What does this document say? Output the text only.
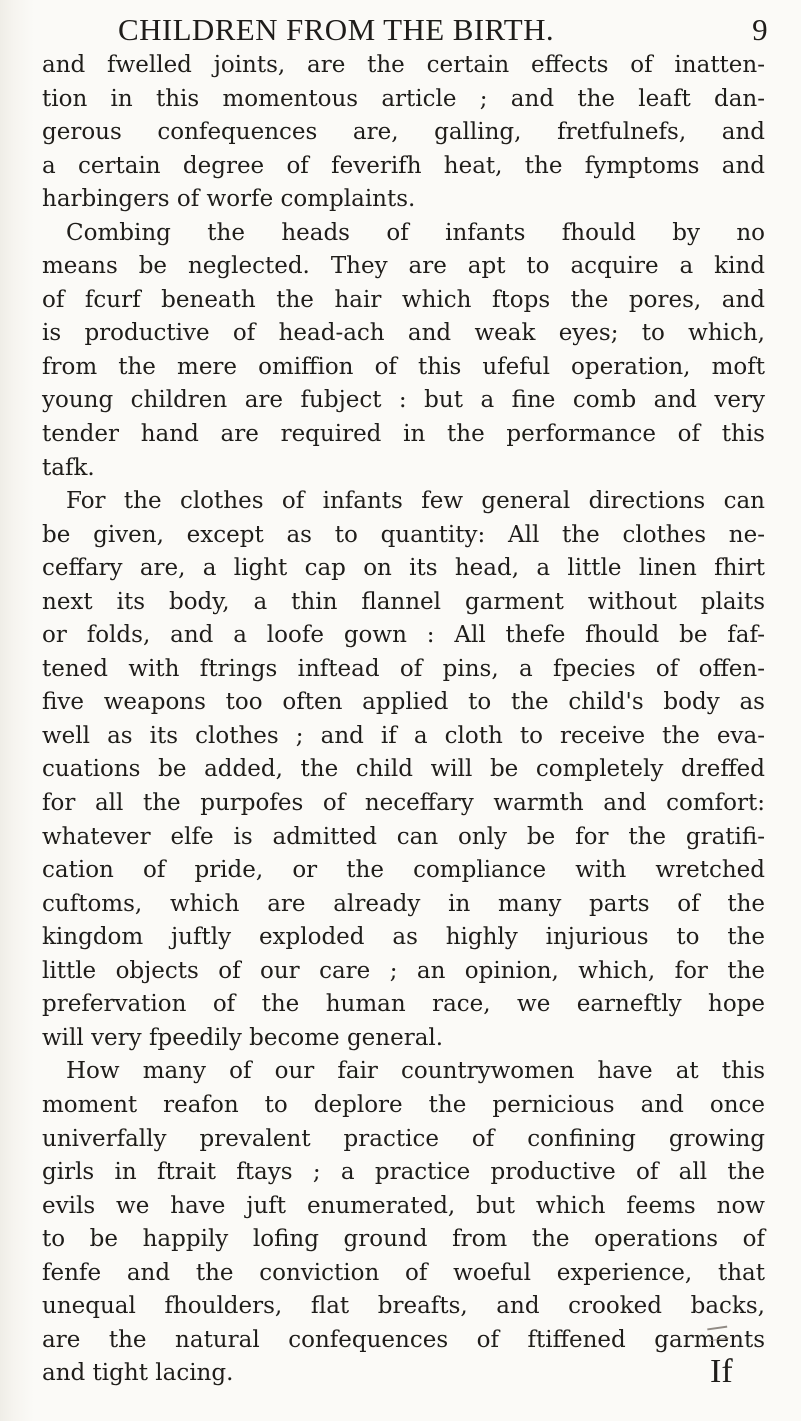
CHILDREN FROM THE BIRTH.	9
and fwelled joints, are the certain effects of inatten-
tion in this momentous article ; and the leaft dan-
gerous confequences are, galling, fretfulnefs, and
a certain degree of feverifh heat, the fymptoms and
harbingers of worfe complaints.
Combing the heads of infants fhould by no
means be neglected. They are apt to acquire a kind
of fcurf beneath the hair which ftops the pores, and
is productive of head-ach and weak eyes; to which,
from the mere omiffion of this ufeful operation, moft
young children are fubject : but a fine comb and very
tender hand are required in the performance of this
tafk.
For the clothes of infants few general directions can
be given, except as to quantity: All the clothes ne-
ceffary are, a light cap on its head, a little linen fhirt
next its body, a thin flannel garment without plaits
or folds, and a loofe gown : All thefe fhould be faf-
tened with ftrings inftead of pins, a fpecies of offen-
five weapons too often applied to the child's body as
well as its clothes ; and if a cloth to receive the eva-
cuations be added, the child will be completely dreffed
for all the purpofes of neceffary warmth and comfort:
whatever elfe is admitted can only be for the gratifi-
cation of pride, or the compliance with wretched
cuftoms, which are already in many parts of the
kingdom juftly exploded as highly injurious to the
little objects of our care ; an opinion, which, for the
prefervation of the human race, we earneftly hope
will very fpeedily become general.
How many of our fair countrywomen have at this
moment reafon to deplore the pernicious and once
univerfally prevalent practice of confining growing
girls in ftrait ftays ; a practice productive of all the
evils we have juft enumerated, but which feems now
to be happily lofing ground from the operations of
fenfe and the conviction of woeful experience, that
unequal fhoulders, flat breafts, and crooked backs,
are the natural confequences of ftiffened garments
and tight lacing.	If
